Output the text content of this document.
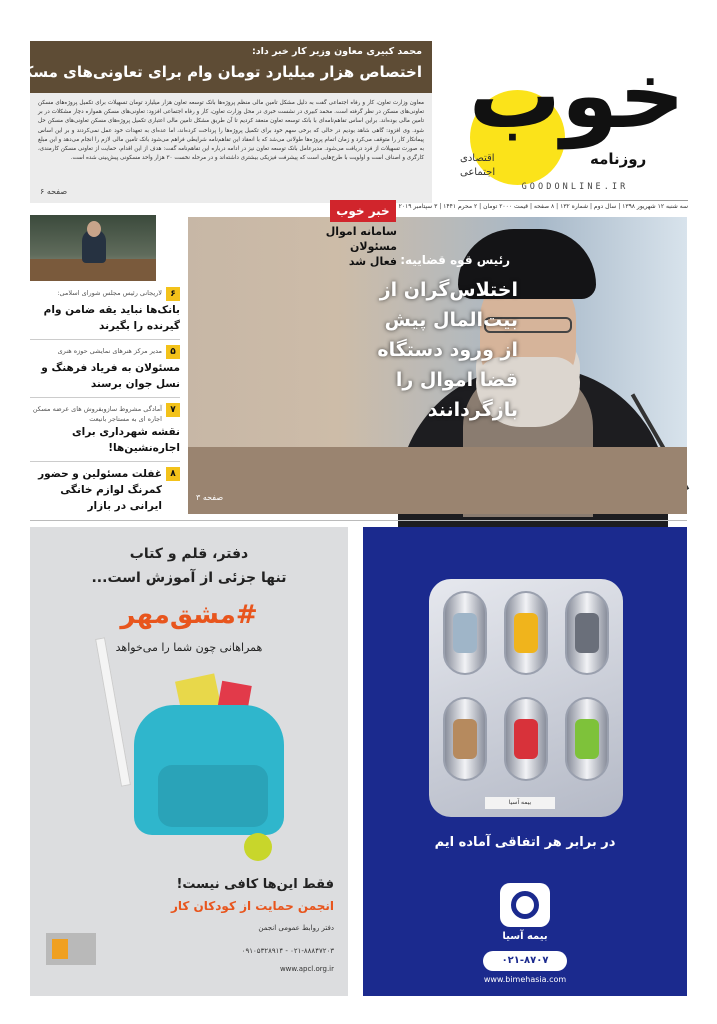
خوب
روزنامه
اقتصادی
اجتماعی
GOODONLINE.IR
سه شنبه ۱۲ شهریور ۱۳۹۸ | سال دوم | شماره ۱۳۲ | ۸ صفحه | قیمت ۲۰۰۰ تومان | ۲ محرم ۱۴۴۱ | ۳ سپتامبر ۲۰۱۹
محمد کبیری معاون وزیر کار خبر داد:
اختصاص هزار میلیارد تومان وام برای تعاونی‌های مسکن
معاون وزارت تعاون، کار و رفاه اجتماعی گفت به دلیل مشکل تامین مالی منظم پروژه‌ها بانک توسعه تعاون هزار میلیارد تومان تسهیلات برای تکمیل پروژه‌های مسکن تعاونی‌های مسکن در نظر گرفته است. محمد کبیری در نشست خبری در محل وزارت تعاون، کار و رفاه اجتماعی افزود: تعاونی‌های مسکن همواره دچار مشکلات در بر تامین مالی بوده‌اند. براین اساس تفاهم‌نامه‌ای با بانک توسعه تعاون منعقد کردیم تا آن طریق مشکل تامین مالی اعتباری تکمیل پروژه‌های مسکن تعاونی‌های مسکن حل شود. وی افزود: گاهی شاهد بودیم در حالی که برخی سهم خود برای تکمیل پروژه‌ها را پرداخت کرده‌اند، اما عده‌ای به تعهدات خود عمل نمی‌کردند و بر این اساس پیمانکار کار را متوقف می‌کرد و زمان اتمام پروژه‌ها طولانی می‌شد که با انعقاد این تفاهم‌نامه شرایطی فراهم می‌شود بانک تامین مالی لازم را انجام می‌دهد و این مبلغ به صورت تسهیلات از فرد دریافت می‌شود. مدیرعامل بانک توسعه تعاون نیز در ادامه درباره این تفاهم‌نامه گفت: هدف از این اقدام، حمایت از تعاونی مسکن کارمندی، کارگری و اصناف است و اولویت با طرح‌هایی است که پیشرفت فیزیکی بیشتری داشته‌اند و در مرحله نخست ۳۰ هزار واحد مسکونی پیش‌بینی شده است.
صفحه ۶
رئیس قوه قضاییه:
اختلاس‌گران از بیت‌المال پیش از ورود دستگاه قضا اموال را بازگردانند
صفحه ۳
خبر خوب
سامانه اموال مسئولان فعال شد
۶
لاریجانی رئیس مجلس شورای اسلامی:
بانک‌ها نباید یقه ضامن وام گیرنده را بگیرند
۵
مدیر مرکز هنرهای نمایشی حوزه هنری
مسئولان به فریاد فرهنگ و نسل جوان برسند
۷
آمادگی مشروط سازوبفروش های عرضه مسکن اجاره ای به مستاجر بانیعت
نقشه شهرداری برای اجاره‌نشین‌ها!
۸
غفلت مسئولین و حضور کمرنگ لوازم خانگی ایرانی در بازار
دفتر، قلم و کتاب
تنها جزئی از آموزش است...
#مشق‌مهر
همراهانی چون شما را می‌خواهد
فقط این‌ها کافی نیست!
انجمن حمایت از کودکان کار
دفتر روابط عمومی انجمن
۰۲۱-۸۸۸۴۷۲۰۳ - ۰۹۱۰۵۳۲۸۹۱۴
www.apcl.org.ir
بیمه آسیا
در برابر هر اتفاقی آماده ایم
بیمه آسیا
۰۲۱-۸۷۰۷
www.bimehasia.com
